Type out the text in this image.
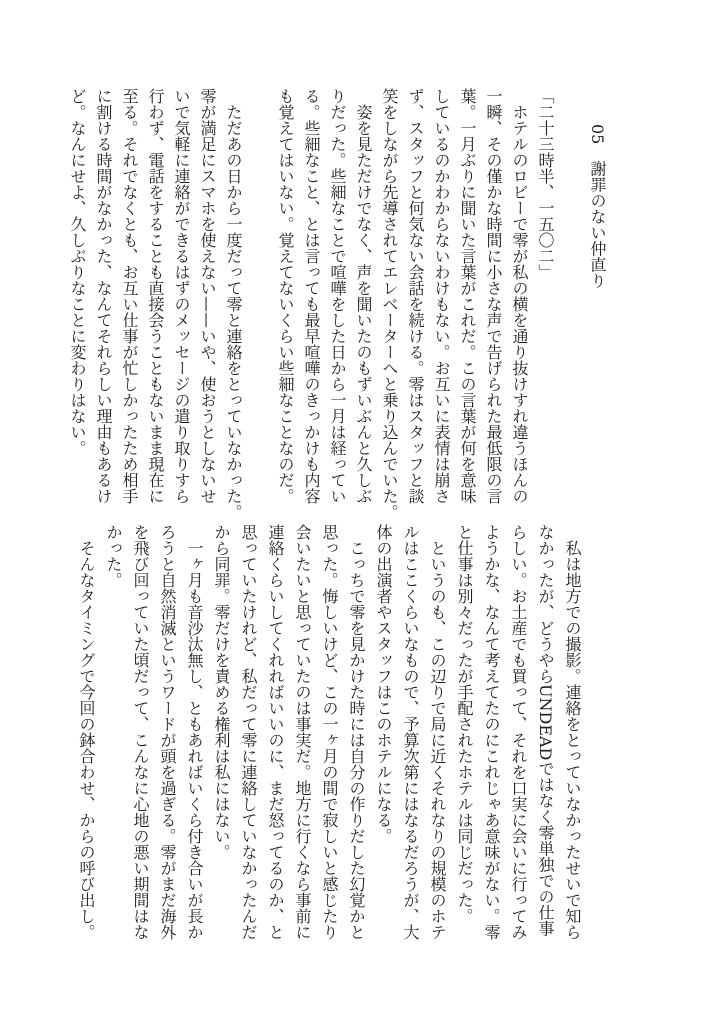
05　謝罪のない仲直り
「二十三時半、一五〇二」
　ホテルのロビーで零が私の横を通り抜けすれ違うほんの
一瞬、その僅かな時間に小さな声で告げられた最低限の言
葉。一月ぶりに聞いた言葉がこれだ。この言葉が何を意味
しているのかわからないわけもない。お互いに表情は崩さ
ず、スタッフと何気ない会話を続ける。零はスタッフと談
笑をしながら先導されてエレベーターへと乗り込んでいた。
　姿を見ただけでなく、声を聞いたのもずいぶんと久しぶ
りだった。些細なことで喧嘩をした日から一月は経ってい
る。些細なこと、とは言っても最早喧嘩のきっかけも内容
も覚えてはいない。覚えてないくらい些細なことなのだ。

　ただあの日から一度だって零と連絡をとっていなかった。
零が満足にスマホを使えない——いや、使おうとしないせ
いで気軽に連絡ができるはずのメッセージの遣り取りすら
行わず、電話をすることも直接会うこともないまま現在に
至る。それでなくとも、お互い仕事が忙しかったため相手
に割ける時間がなかった、なんてそれらしい理由もあるけ
ど。なんにせよ、久しぶりなことに変わりはない。
　私は地方での撮影。連絡をとっていなかったせいで知ら
なかったが、どうやらUNDEADではなく零単独での仕事
らしい。お土産でも買って、それを口実に会いに行ってみ
ようかな、なんて考えてたのにこれじゃあ意味がない。零
と仕事は別々だったが手配されたホテルは同じだった。
　というのも、この辺りで局に近くそれなりの規模のホテ
ルはここくらいなもので、予算次第にはなるだろうが、大
体の出演者やスタッフはこのホテルになる。
　こっちで零を見かけた時には自分の作りだした幻覚かと
思った。悔しいけど、この一ヶ月の間で寂しいと感じたり
会いたいと思っていたのは事実だ。地方に行くなら事前に
連絡くらいしてくれればいいのに、まだ怒ってるのか、と
思っていたけれど、私だって零に連絡していなかったんだ
から同罪。零だけを責める権利は私にはない。
　一ヶ月も音沙汰無し、ともあればいくら付き合いが長か
ろうと自然消滅というワードが頭を過ぎる。零がまだ海外
を飛び回っていた頃だって、こんなに心地の悪い期間はな
かった。
　そんなタイミングで今回の鉢合わせ、からの呼び出し。
